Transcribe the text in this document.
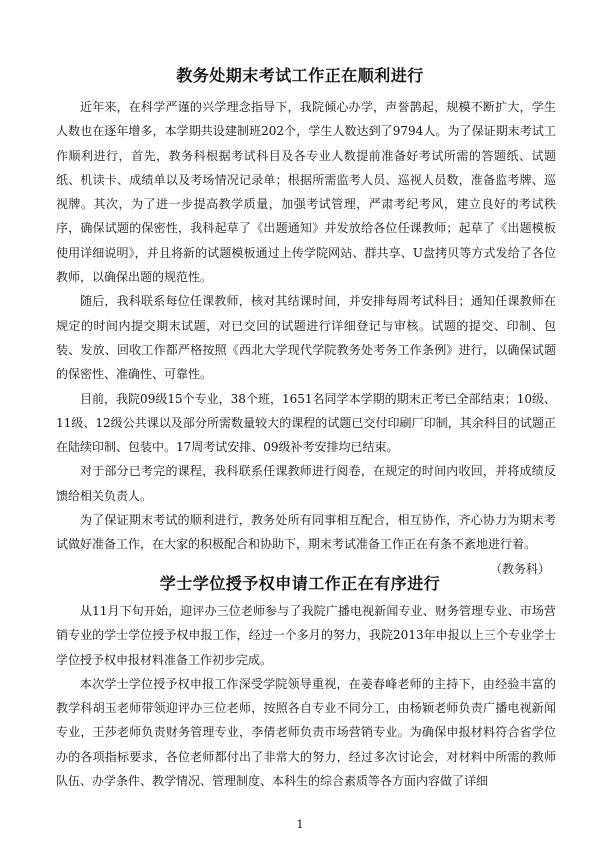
教务处期末考试工作正在顺利进行

近年来，在科学严谨的兴学理念指导下，我院倾心办学，声誉鹊起，规模不断扩大，学生人数也在逐年增多，本学期共设建制班202个，学生人数达到了9794人。为了保证期末考试工作顺利进行，首先，教务科根据考试科目及各专业人数提前准备好考试所需的答题纸、试题纸、机读卡、成绩单以及考场情况记录单；根据所需监考人员、巡视人员数，准备监考牌、巡视牌。其次，为了进一步提高教学质量，加强考试管理，严肃考纪考风，建立良好的考试秩序，确保试题的保密性，我科起草了《出题通知》并发放给各位任课教师；起草了《出题模板使用详细说明》，并且将新的试题模板通过上传学院网站、群共享、U盘拷贝等方式发给了各位教师，以确保出题的规范性。

随后，我科联系每位任课教师，核对其结课时间，并安排每周考试科目；通知任课教师在规定的时间内提交期末试题，对已交回的试题进行详细登记与审核。试题的提交、印制、包装、发放、回收工作都严格按照《西北大学现代学院教务处考务工作条例》进行，以确保试题的保密性、准确性、可靠性。

目前，我院09级15个专业，38个班，1651名同学本学期的期末正考已全部结束；10级、11级、12级公共课以及部分所需数量较大的课程的试题已交付印刷厂印制，其余科目的试题正在陆续印制、包装中。17周考试安排、09级补考安排均已结束。

对于部分已考完的课程，我科联系任课教师进行阅卷，在规定的时间内收回，并将成绩反馈给相关负责人。

为了保证期末考试的顺利进行，教务处所有同事相互配合，相互协作，齐心协力为期末考试做好准备工作，在大家的积极配合和协助下，期末考试准备工作正在有条不紊地进行着。

（教务科）

学士学位授予权申请工作正在有序进行

从11月下旬开始，迎评办三位老师参与了我院广播电视新闻专业、财务管理专业、市场营销专业的学士学位授予权申报工作，经过一个多月的努力，我院2013年申报以上三个专业学士学位授予权申报材料准备工作初步完成。

本次学士学位授予权申报工作深受学院领导重视，在姜春峰老师的主持下，由经验丰富的教学科胡玉老师带领迎评办三位老师，按照各自专业不同分工，由杨颖老师负责广播电视新闻专业，王莎老师负责财务管理专业，李倩老师负责市场营销专业。为确保申报材料符合省学位办的各项指标要求，各位老师都付出了非常大的努力，经过多次讨论会，对材料中所需的教师队伍、办学条件、教学情况、管理制度、本科生的综合素质等各方面内容做了详细

1
